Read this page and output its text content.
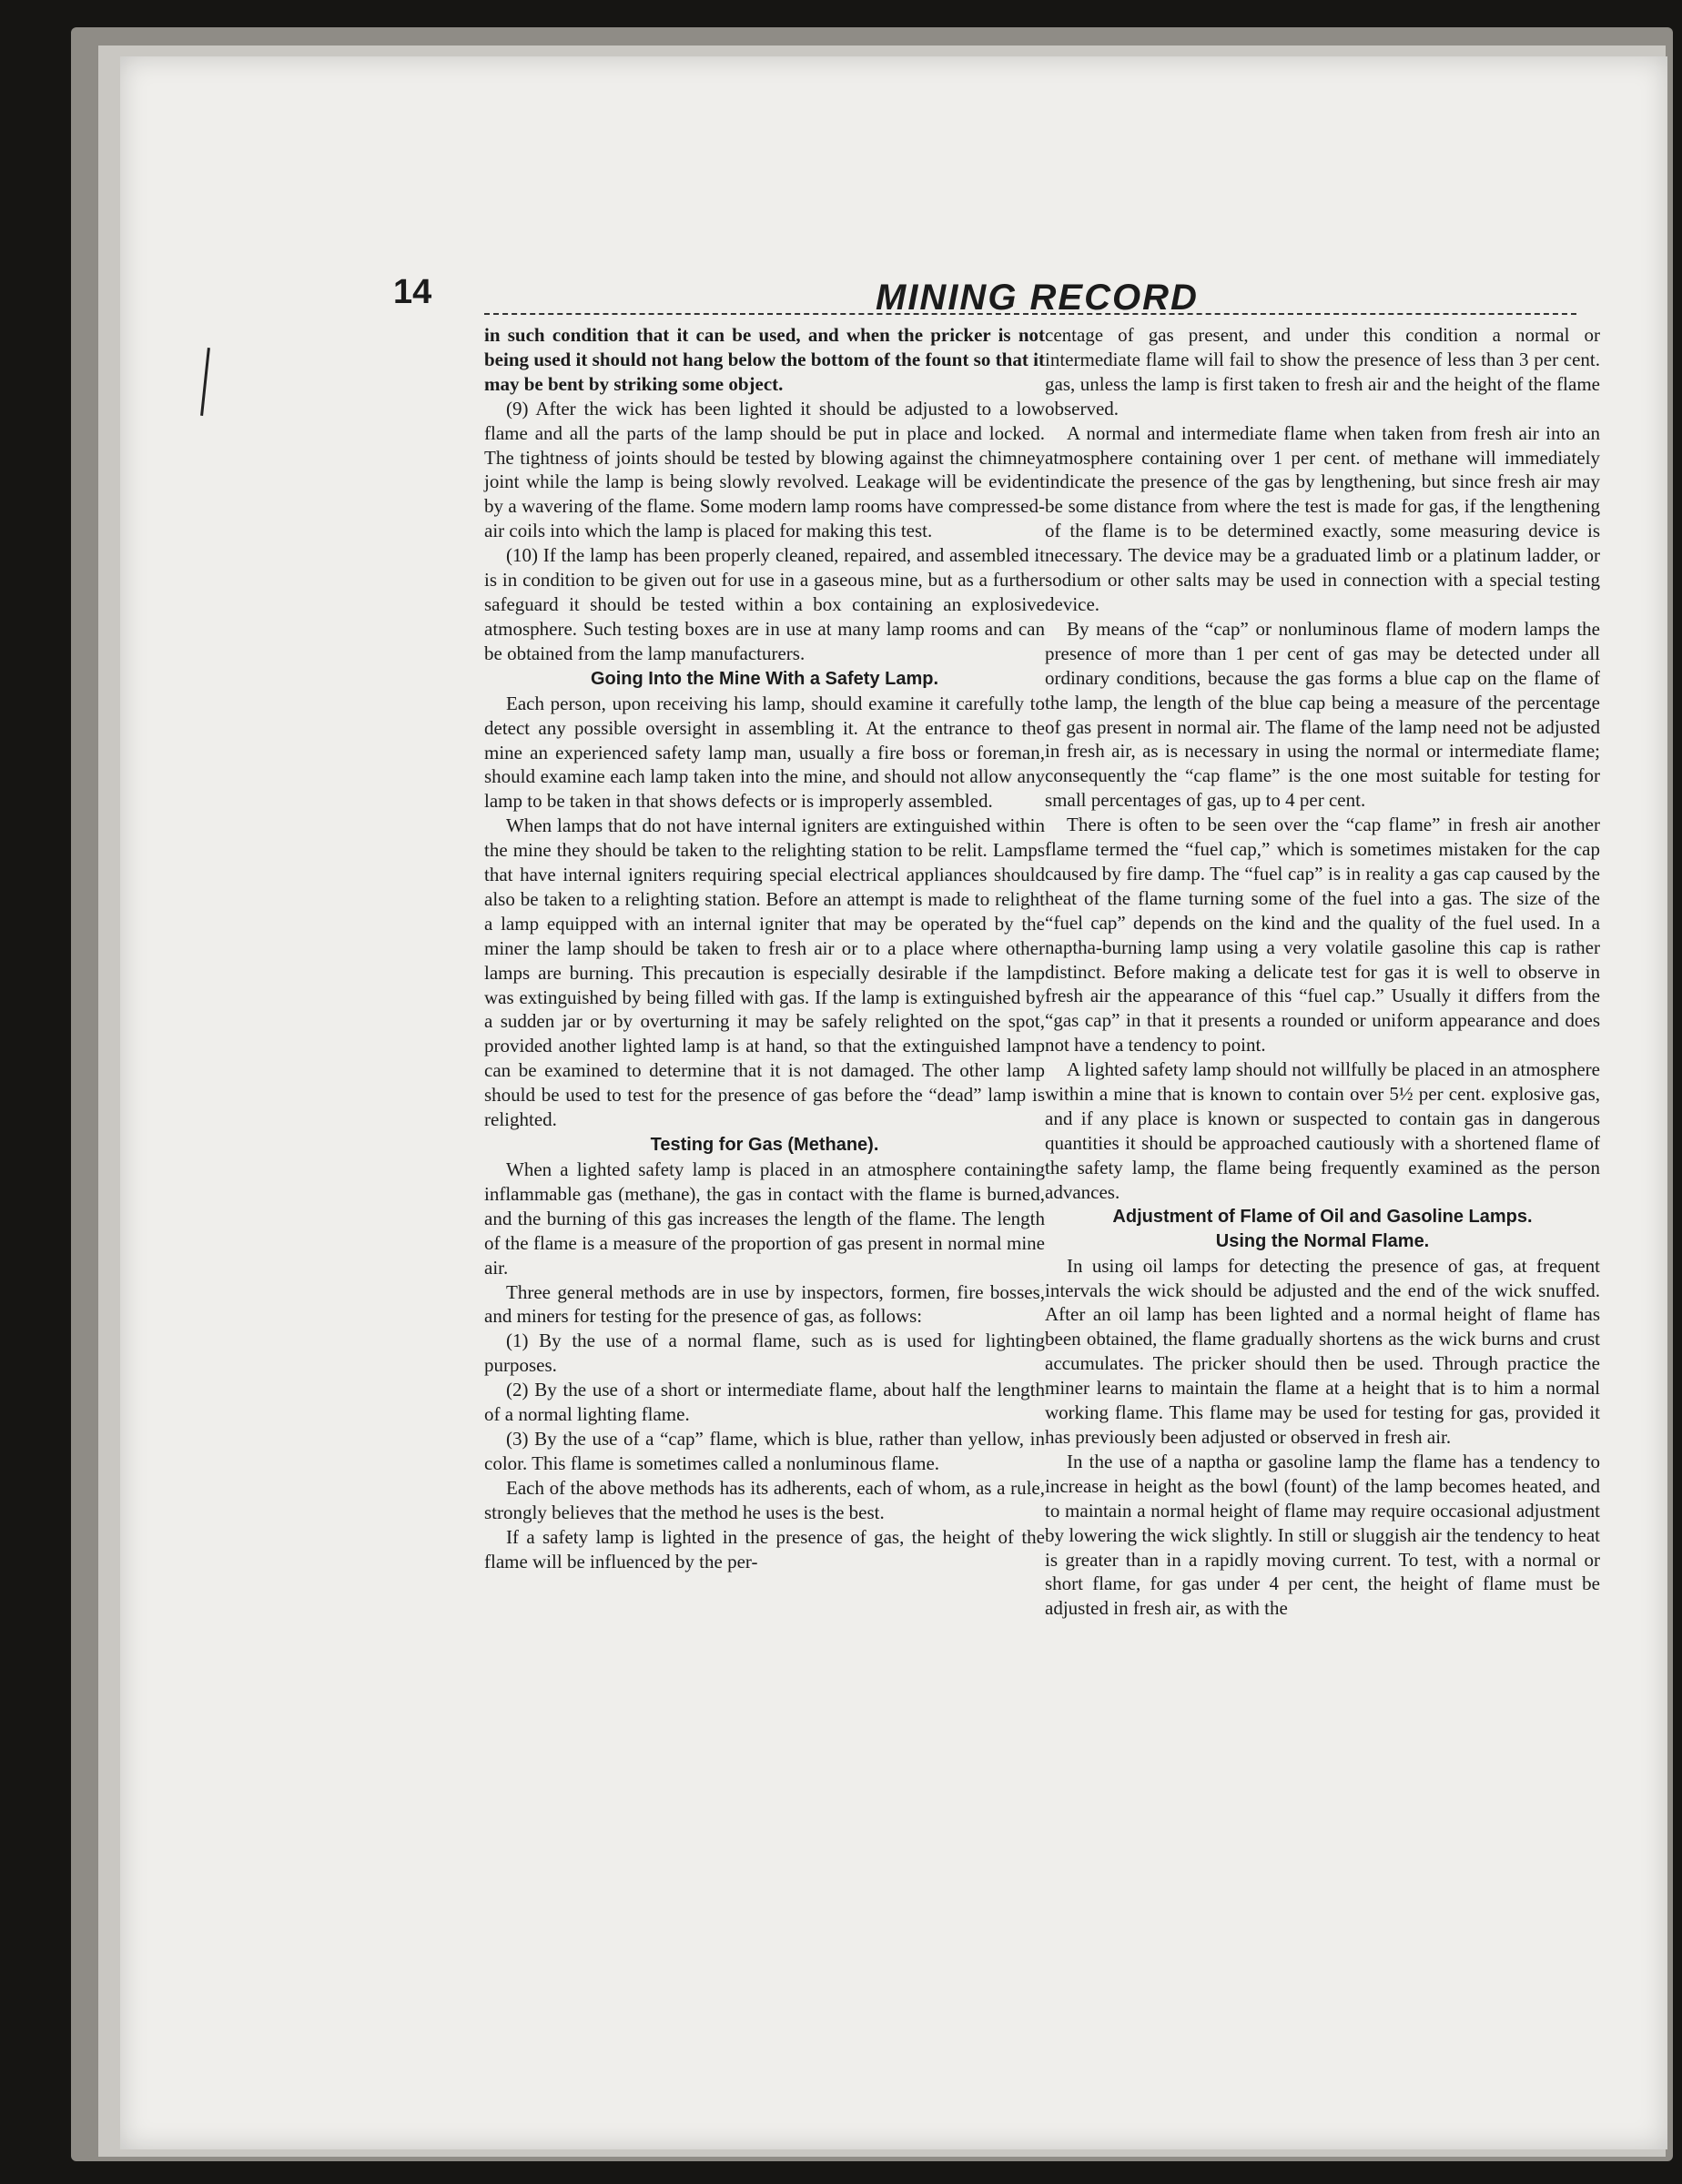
14	MINING RECORD

in such condition that it can be used, and when the pricker is not being used it should not hang below the bottom of the fount so that it may be bent by striking some object.

(9) After the wick has been lighted it should be adjusted to a low flame and all the parts of the lamp should be put in place and locked. The tightness of joints should be tested by blowing against the chimney joint while the lamp is being slowly revolved. Leakage will be evident by a wavering of the flame. Some modern lamp rooms have compressed-air coils into which the lamp is placed for making this test.

(10) If the lamp has been properly cleaned, repaired, and assembled it is in condition to be given out for use in a gaseous mine, but as a further safeguard it should be tested within a box containing an explosive atmosphere. Such testing boxes are in use at many lamp rooms and can be obtained from the lamp manufacturers.

Going Into the Mine With a Safety Lamp.

Each person, upon receiving his lamp, should examine it carefully to detect any possible oversight in assembling it. At the entrance to the mine an experienced safety lamp man, usually a fire boss or foreman, should examine each lamp taken into the mine, and should not allow any lamp to be taken in that shows defects or is improperly assembled.

When lamps that do not have internal igniters are extinguished within the mine they should be taken to the relighting station to be relit. Lamps that have internal igniters requiring special electrical appliances should also be taken to a relighting station. Before an attempt is made to relight a lamp equipped with an internal igniter that may be operated by the miner the lamp should be taken to fresh air or to a place where other lamps are burning. This precaution is especially desirable if the lamp was extinguished by being filled with gas. If the lamp is extinguished by a sudden jar or by overturning it may be safely relighted on the spot, provided another lighted lamp is at hand, so that the extinguished lamp can be examined to determine that it is not damaged. The other lamp should be used to test for the presence of gas before the “dead” lamp is relighted.

Testing for Gas (Methane).

When a lighted safety lamp is placed in an atmosphere containing inflammable gas (methane), the gas in contact with the flame is burned, and the burning of this gas increases the length of the flame. The length of the flame is a measure of the proportion of gas present in normal mine air.

Three general methods are in use by inspectors, formen, fire bosses, and miners for testing for the presence of gas, as follows:

(1) By the use of a normal flame, such as is used for lighting purposes.

(2) By the use of a short or intermediate flame, about half the length of a normal lighting flame.

(3) By the use of a “cap” flame, which is blue, rather than yellow, in color. This flame is sometimes called a nonluminous flame.

Each of the above methods has its adherents, each of whom, as a rule, strongly believes that the method he uses is the best.

If a safety lamp is lighted in the presence of gas, the height of the flame will be influenced by the per-

centage of gas present, and under this condition a normal or intermediate flame will fail to show the presence of less than 3 per cent. gas, unless the lamp is first taken to fresh air and the height of the flame observed.

A normal and intermediate flame when taken from fresh air into an atmosphere containing over 1 per cent. of methane will immediately indicate the presence of the gas by lengthening, but since fresh air may be some distance from where the test is made for gas, if the lengthening of the flame is to be determined exactly, some measuring device is necessary. The device may be a graduated limb or a platinum ladder, or sodium or other salts may be used in connection with a special testing device.

By means of the “cap” or nonluminous flame of modern lamps the presence of more than 1 per cent of gas may be detected under all ordinary conditions, because the gas forms a blue cap on the flame of the lamp, the length of the blue cap being a measure of the percentage of gas present in normal air. The flame of the lamp need not be adjusted in fresh air, as is necessary in using the normal or intermediate flame; consequently the “cap flame” is the one most suitable for testing for small percentages of gas, up to 4 per cent.

There is often to be seen over the “cap flame” in fresh air another flame termed the “fuel cap,” which is sometimes mistaken for the cap caused by fire damp. The “fuel cap” is in reality a gas cap caused by the heat of the flame turning some of the fuel into a gas. The size of the “fuel cap” depends on the kind and the quality of the fuel used. In a naptha-burning lamp using a very volatile gasoline this cap is rather distinct. Before making a delicate test for gas it is well to observe in fresh air the appearance of this “fuel cap.” Usually it differs from the “gas cap” in that it presents a rounded or uniform appearance and does not have a tendency to point.

A lighted safety lamp should not willfully be placed in an atmosphere within a mine that is known to contain over 5½ per cent. explosive gas, and if any place is known or suspected to contain gas in dangerous quantities it should be approached cautiously with a shortened flame of the safety lamp, the flame being frequently examined as the person advances.

Adjustment of Flame of Oil and Gasoline Lamps.
Using the Normal Flame.

In using oil lamps for detecting the presence of gas, at frequent intervals the wick should be adjusted and the end of the wick snuffed. After an oil lamp has been lighted and a normal height of flame has been obtained, the flame gradually shortens as the wick burns and crust accumulates. The pricker should then be used. Through practice the miner learns to maintain the flame at a height that is to him a normal working flame. This flame may be used for testing for gas, provided it has previously been adjusted or observed in fresh air.

In the use of a naptha or gasoline lamp the flame has a tendency to increase in height as the bowl (fount) of the lamp becomes heated, and to maintain a normal height of flame may require occasional adjustment by lowering the wick slightly. In still or sluggish air the tendency to heat is greater than in a rapidly moving current. To test, with a normal or short flame, for gas under 4 per cent, the height of flame must be adjusted in fresh air, as with the
